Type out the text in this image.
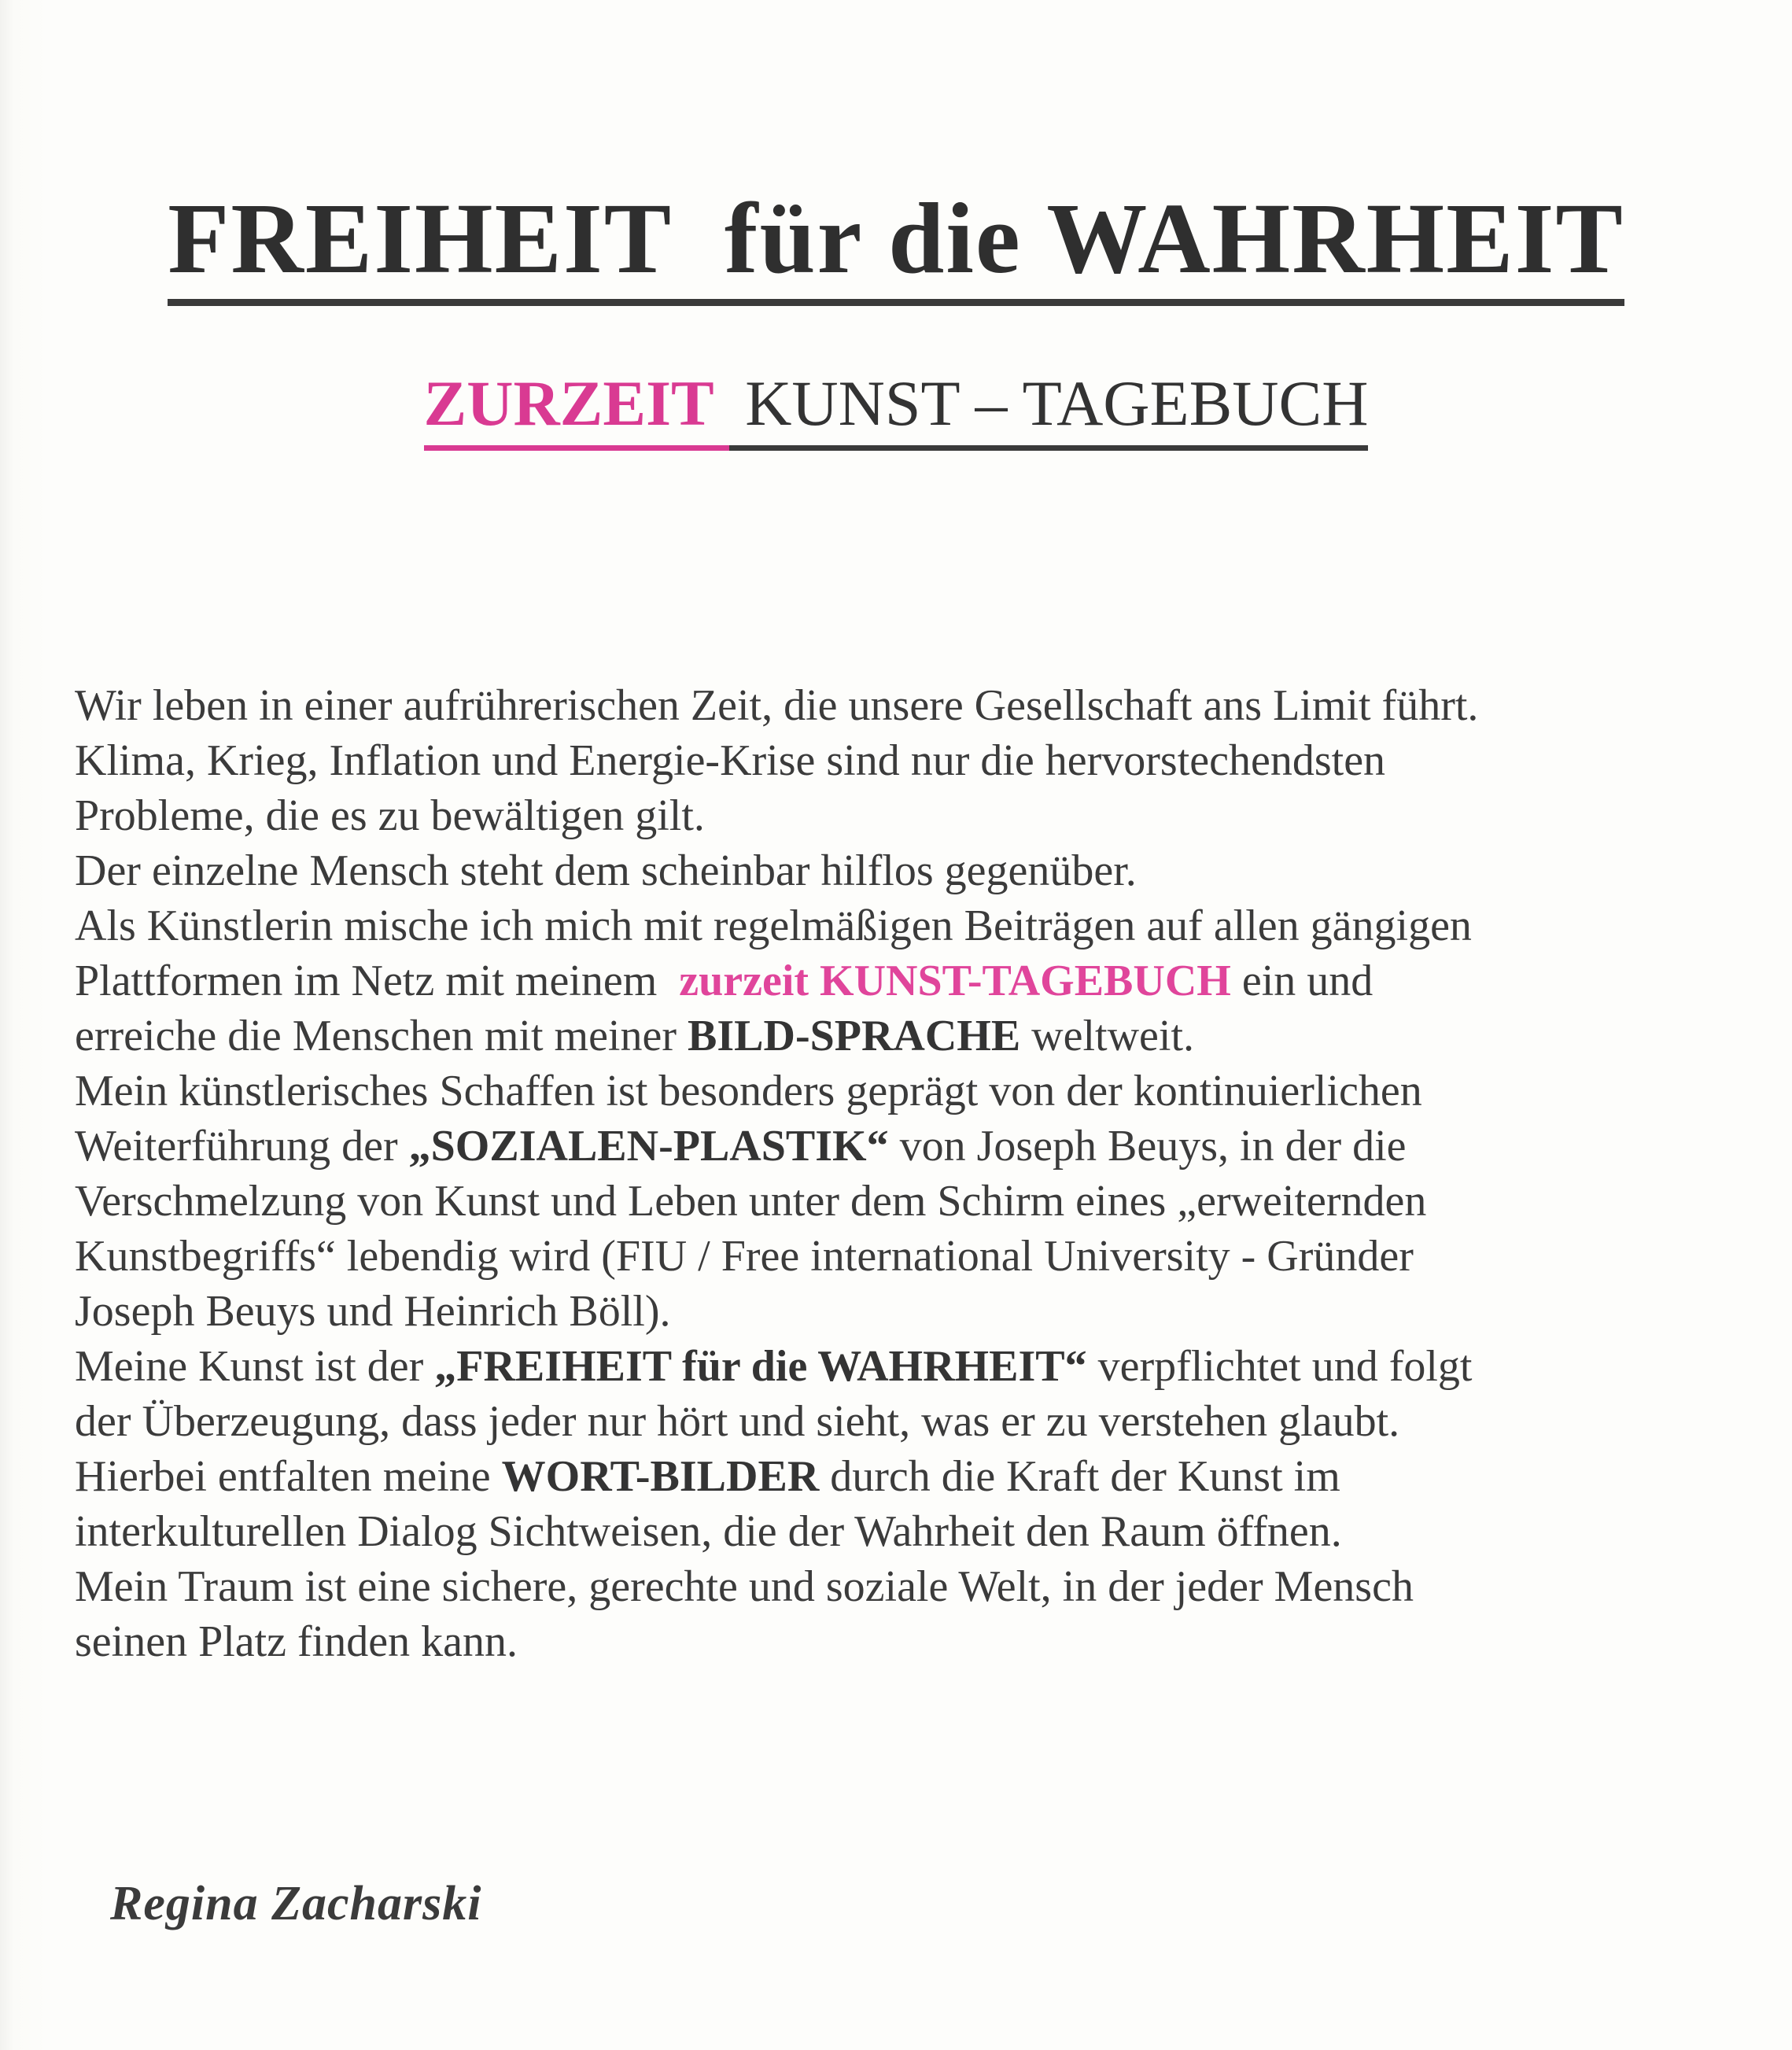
FREIHEIT  für die WAHRHEIT
ZURZEIT  KUNST – TAGEBUCH
Wir leben in einer aufrührerischen Zeit, die unsere Gesellschaft ans Limit führt.
Klima, Krieg, Inflation und Energie-Krise sind nur die hervorstechendsten
Probleme, die es zu bewältigen gilt.
Der einzelne Mensch steht dem scheinbar hilflos gegenüber.
Als Künstlerin mische ich mich mit regelmäßigen Beiträgen auf allen gängigen
Plattformen im Netz mit meinem  zurzeit KUNST-TAGEBUCH ein und
erreiche die Menschen mit meiner BILD-SPRACHE weltweit.
Mein künstlerisches Schaffen ist besonders geprägt von der kontinuierlichen
Weiterführung der „SOZIALEN-PLASTIK“ von Joseph Beuys, in der die
Verschmelzung von Kunst und Leben unter dem Schirm eines „erweiternden
Kunstbegriffs“ lebendig wird (FIU / Free international University - Gründer
Joseph Beuys und Heinrich Böll).
Meine Kunst ist der „FREIHEIT für die WAHRHEIT“ verpflichtet und folgt
der Überzeugung, dass jeder nur hört und sieht, was er zu verstehen glaubt.
Hierbei entfalten meine WORT-BILDER durch die Kraft der Kunst im
interkulturellen Dialog Sichtweisen, die der Wahrheit den Raum öffnen.
Mein Traum ist eine sichere, gerechte und soziale Welt, in der jeder Mensch
seinen Platz finden kann.
Regina Zacharski
